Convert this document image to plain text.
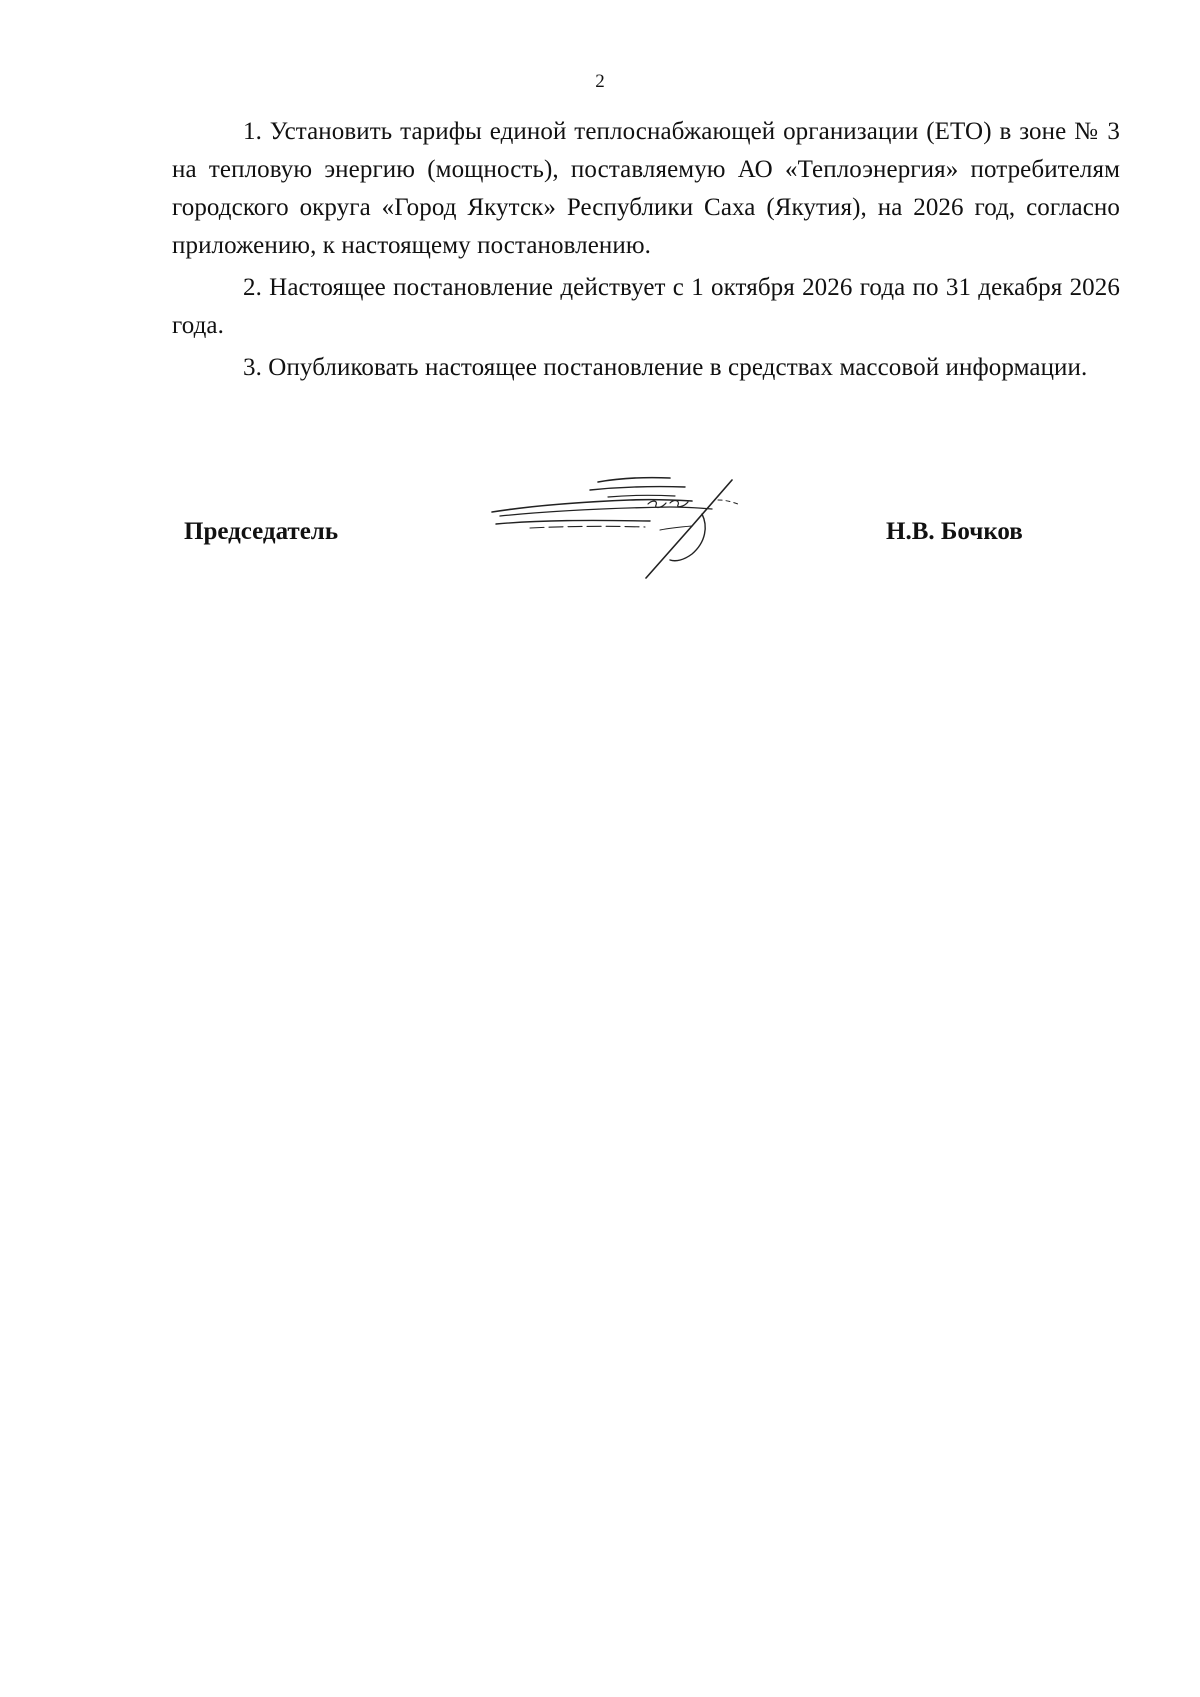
2

1. Установить тарифы единой теплоснабжающей организации (ЕТО) в зоне № 3 на тепловую энергию (мощность), поставляемую АО «Теплоэнергия» потребителям городского округа «Город Якутск» Республики Саха (Якутия), на 2026 год, согласно приложению, к настоящему постановлению.

2. Настоящее постановление действует с 1 октября 2026 года по 31 декабря 2026 года.

3. Опубликовать настоящее постановление в средствах массовой информации.

Председатель	Н.В. Бочков
